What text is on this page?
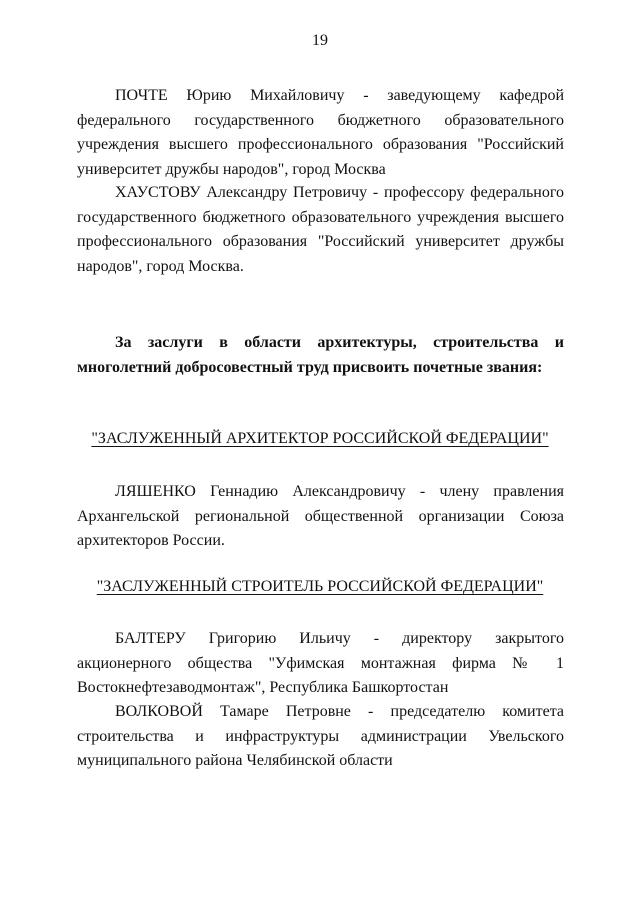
19

ПОЧТЕ Юрию Михайловичу - заведующему кафедрой федерального государственного бюджетного образовательного учреждения высшего профессионального образования "Российский университет дружбы народов", город Москва

ХАУСТОВУ Александру Петровичу - профессору федерального государственного бюджетного образовательного учреждения высшего профессионального образования "Российский университет дружбы народов", город Москва.

За заслуги в области архитектуры, строительства и многолетний добросовестный труд присвоить почетные звания:

"ЗАСЛУЖЕННЫЙ АРХИТЕКТОР РОССИЙСКОЙ ФЕДЕРАЦИИ"

ЛЯШЕНКО Геннадию Александровичу - члену правления Архангельской региональной общественной организации Союза архитекторов России.

"ЗАСЛУЖЕННЫЙ СТРОИТЕЛЬ РОССИЙСКОЙ ФЕДЕРАЦИИ"

БАЛТЕРУ Григорию Ильичу - директору закрытого акционерного общества "Уфимская монтажная фирма № 1 Востокнефтезаводмонтаж", Республика Башкортостан

ВОЛКОВОЙ Тамаре Петровне - председателю комитета строительства и инфраструктуры администрации Увельского муниципального района Челябинской области
